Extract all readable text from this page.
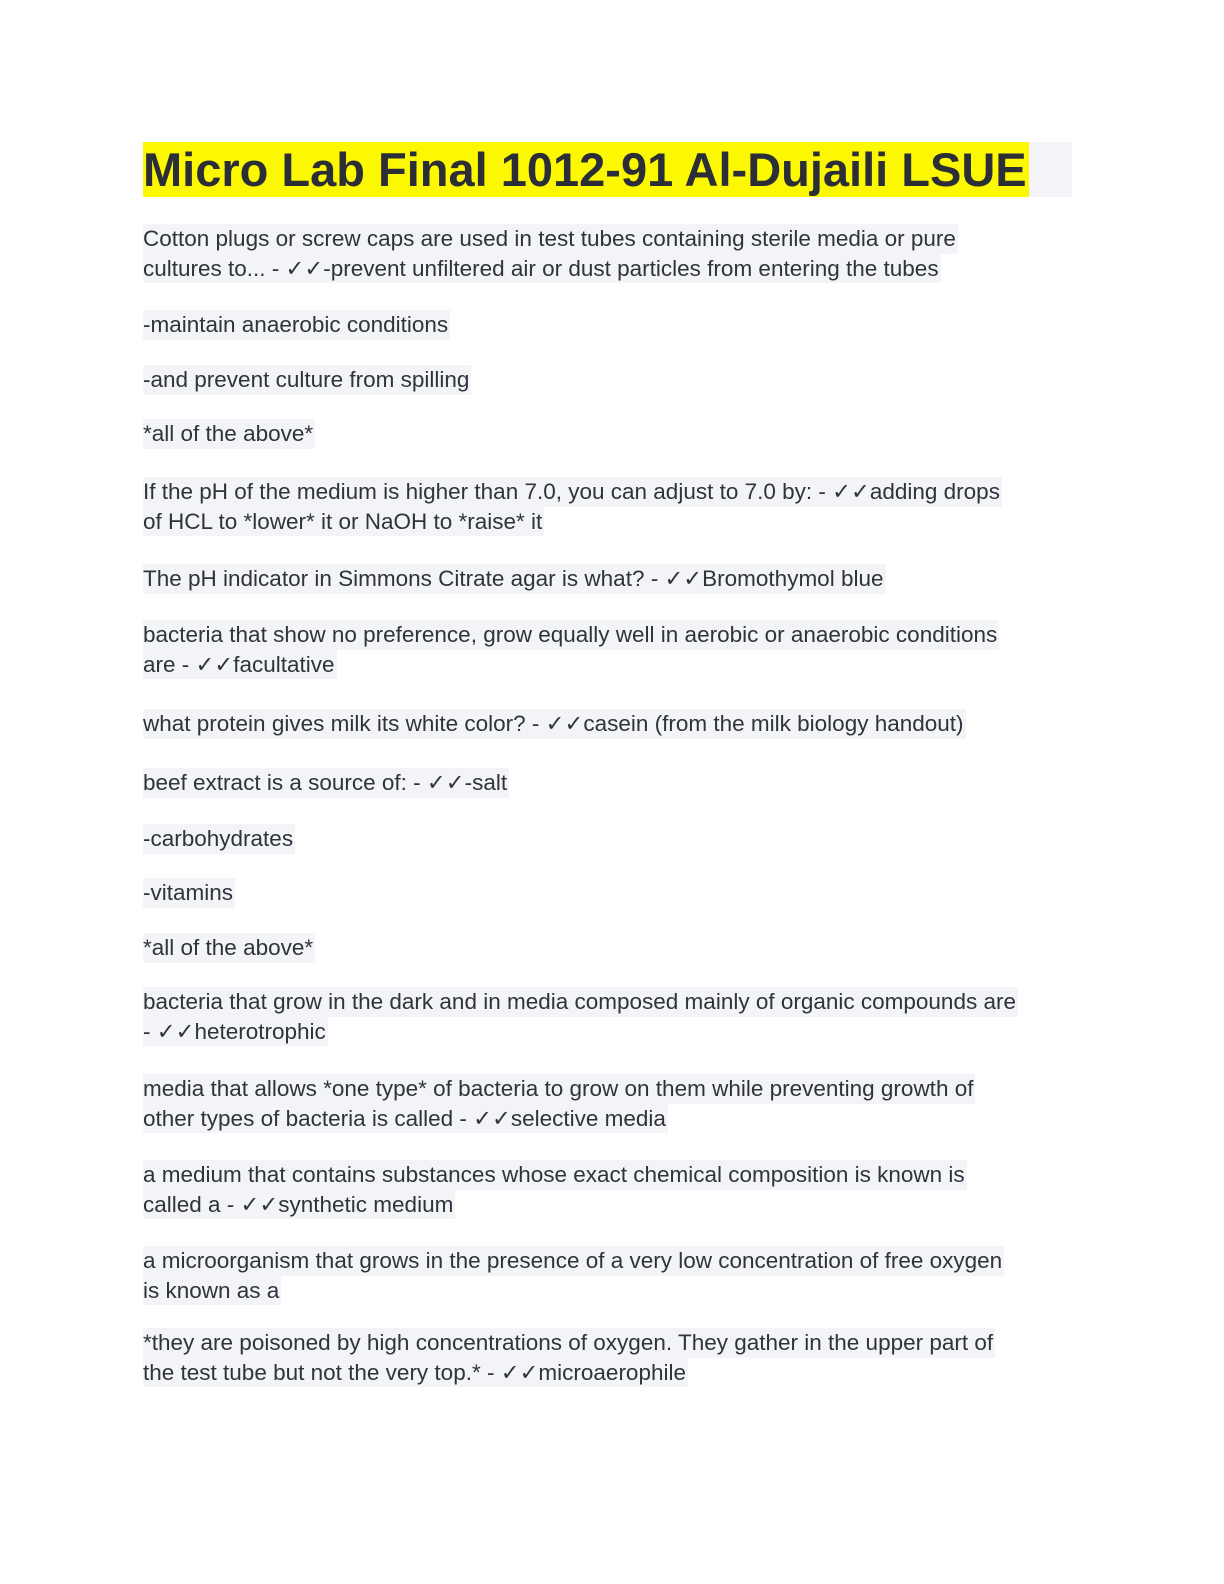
Micro Lab Final 1012-91 Al-Dujaili LSUE
Cotton plugs or screw caps are used in test tubes containing sterile media or pure
cultures to... - ✓✓-prevent unfiltered air or dust particles from entering the tubes
-maintain anaerobic conditions
-and prevent culture from spilling
*all of the above*
If the pH of the medium is higher than 7.0, you can adjust to 7.0 by: - ✓✓adding drops
of HCL to *lower* it or NaOH to *raise* it
The pH indicator in Simmons Citrate agar is what? - ✓✓Bromothymol blue
bacteria that show no preference, grow equally well in aerobic or anaerobic conditions
are - ✓✓facultative
what protein gives milk its white color? - ✓✓casein (from the milk biology handout)
beef extract is a source of: - ✓✓-salt
-carbohydrates
-vitamins
*all of the above*
bacteria that grow in the dark and in media composed mainly of organic compounds are
- ✓✓heterotrophic
media that allows *one type* of bacteria to grow on them while preventing growth of
other types of bacteria is called - ✓✓selective media
a medium that contains substances whose exact chemical composition is known is
called a - ✓✓synthetic medium
a microorganism that grows in the presence of a very low concentration of free oxygen
is known as a
*they are poisoned by high concentrations of oxygen. They gather in the upper part of
the test tube but not the very top.* - ✓✓microaerophile
